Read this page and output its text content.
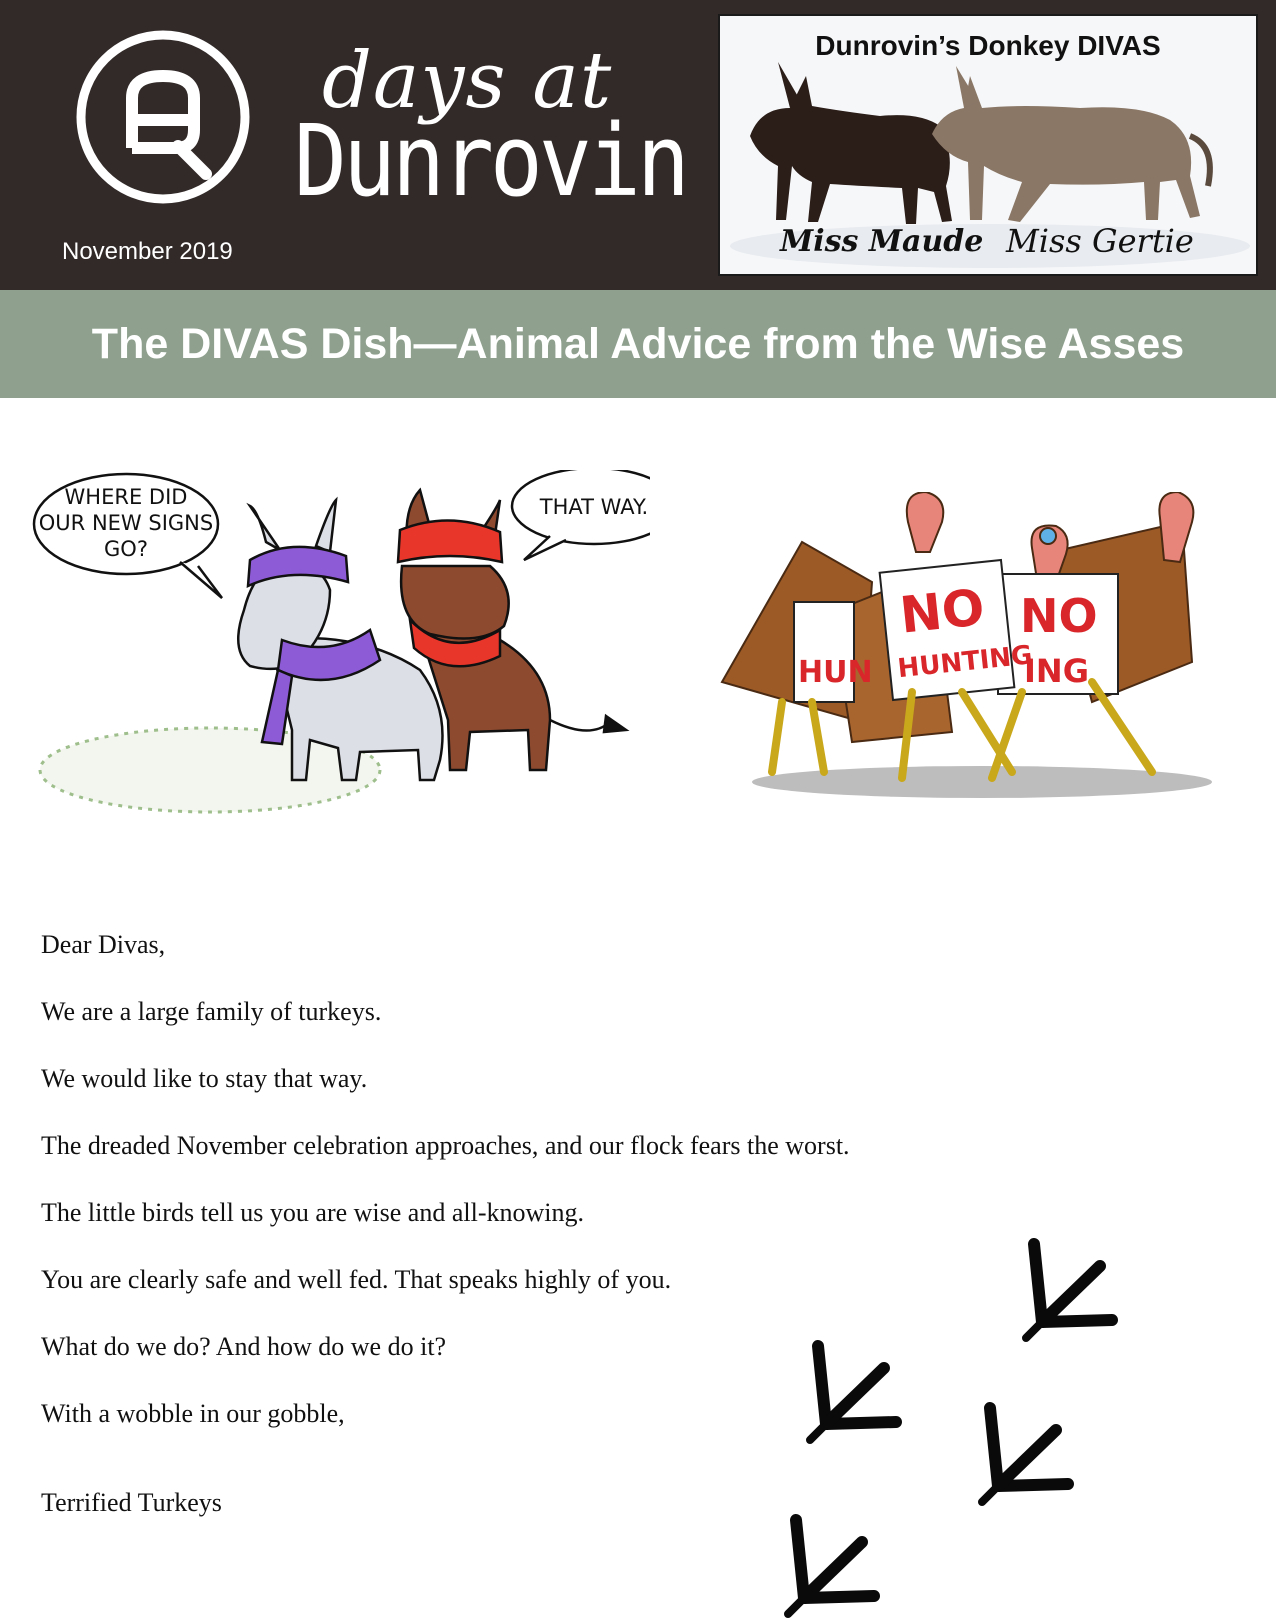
days at
Dunrovin
November 2019
Dunrovin’s Donkey DIVAS
Miss Maude Miss Gertie
The DIVAS Dish—Animal Advice from the Wise Asses
WHERE DID
OUR NEW SIGNS
GO?
THAT WAY.
HUN
NO
ING
NO
HUNTING

Dear Divas,

We are a large family of turkeys.

We would like to stay that way.

The dreaded November celebration approaches, and our flock fears the worst.

The little birds tell us you are wise and all-knowing.

You are clearly safe and well fed. That speaks highly of you.

What do we do? And how do we do it?

With a wobble in our gobble,

Terrified Turkeys
